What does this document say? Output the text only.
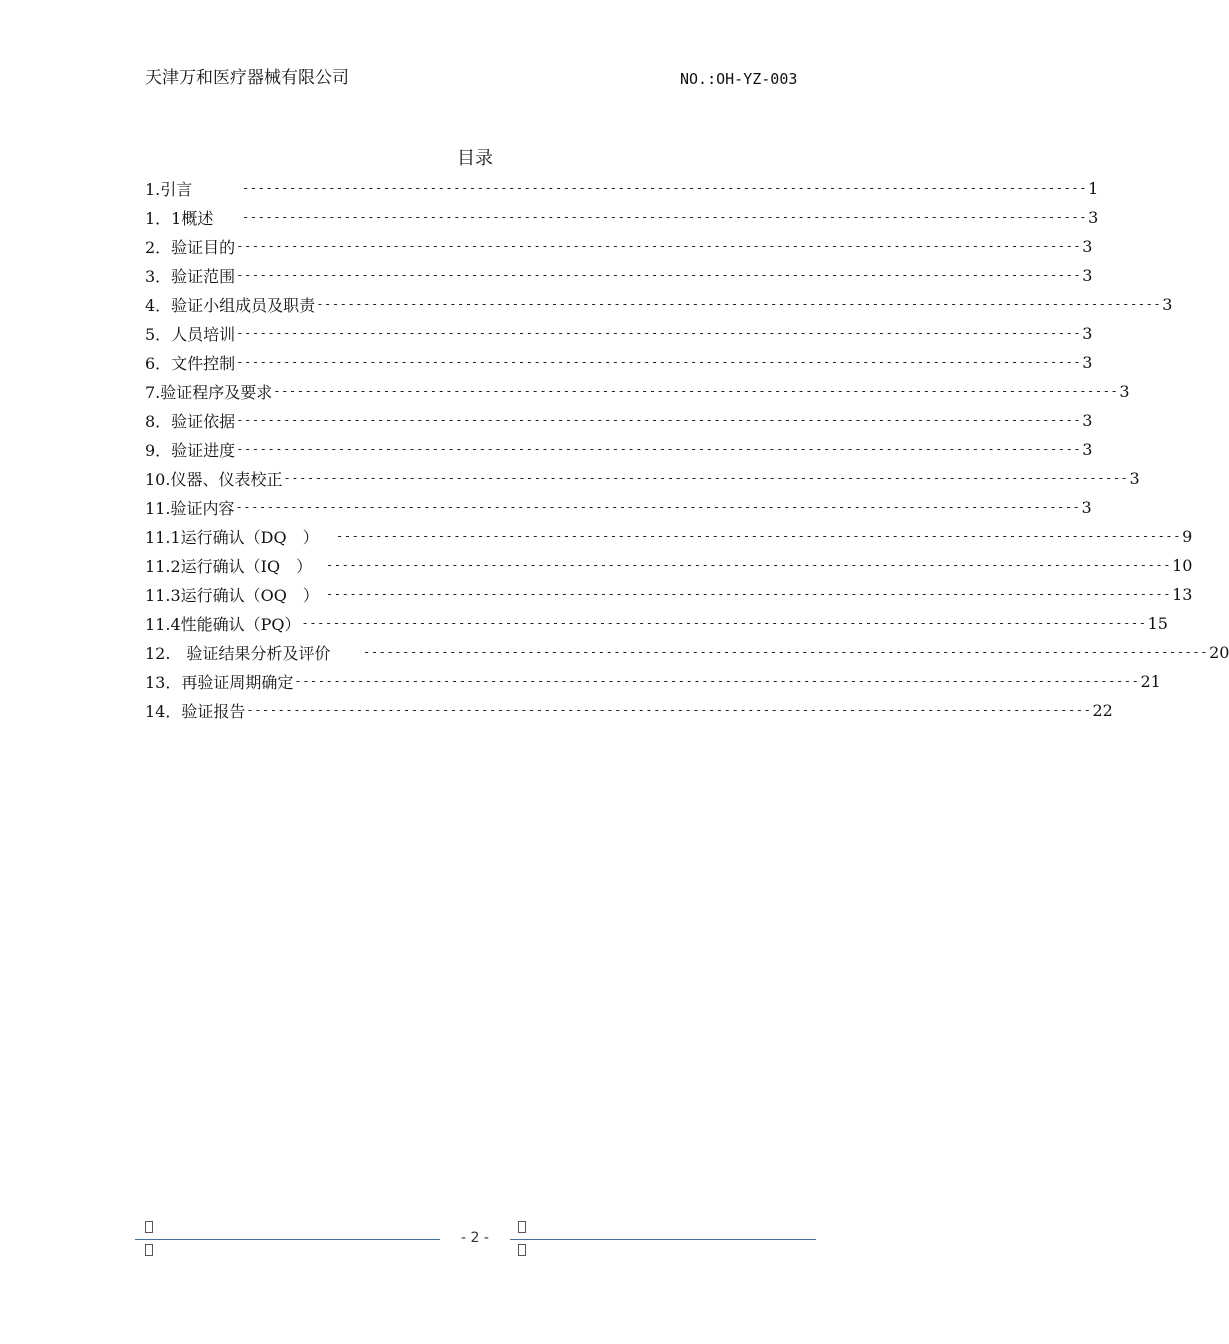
天津万和医疗器械有限公司	NO.:OH-YZ-003
目录
1.引言	------------------------------------------------------------------------------------------------------------ 1
1．1概述	------------------------------------------------------------------------------------------------------------ 3
2．验证目的 ------------------------------------------------------------------------------------------------------------ 3
3．验证范围 ------------------------------------------------------------------------------------------------------------ 3
4．验证小组成员及职责 ------------------------------------------------------------------------------------------------------------ 3
5．人员培训 ------------------------------------------------------------------------------------------------------------ 3
6．文件控制 ------------------------------------------------------------------------------------------------------------ 3
7.验证程序及要求 ------------------------------------------------------------------------------------------------------------ 3
8．验证依据 ------------------------------------------------------------------------------------------------------------ 3
9．验证进度 ------------------------------------------------------------------------------------------------------------ 3
10.仪器、仪表校正 ------------------------------------------------------------------------------------------------------------ 3
11.验证内容 ------------------------------------------------------------------------------------------------------------ 3
11.1运行确认（DQ　）	------------------------------------------------------------------------------------------------------------ 9
11.2运行确认（IQ　）	------------------------------------------------------------------------------------------------------------ 10
11.3运行确认（OQ　） ------------------------------------------------------------------------------------------------------------ 13
11.4性能确认（PQ） ------------------------------------------------------------------------------------------------------------ 15
12.　验证结果分析及评价	------------------------------------------------------------------------------------------------------------ 20
13．再验证周期确定 ------------------------------------------------------------------------------------------------------------ 21
14．验证报告 ------------------------------------------------------------------------------------------------------------ 22
- 2 -
